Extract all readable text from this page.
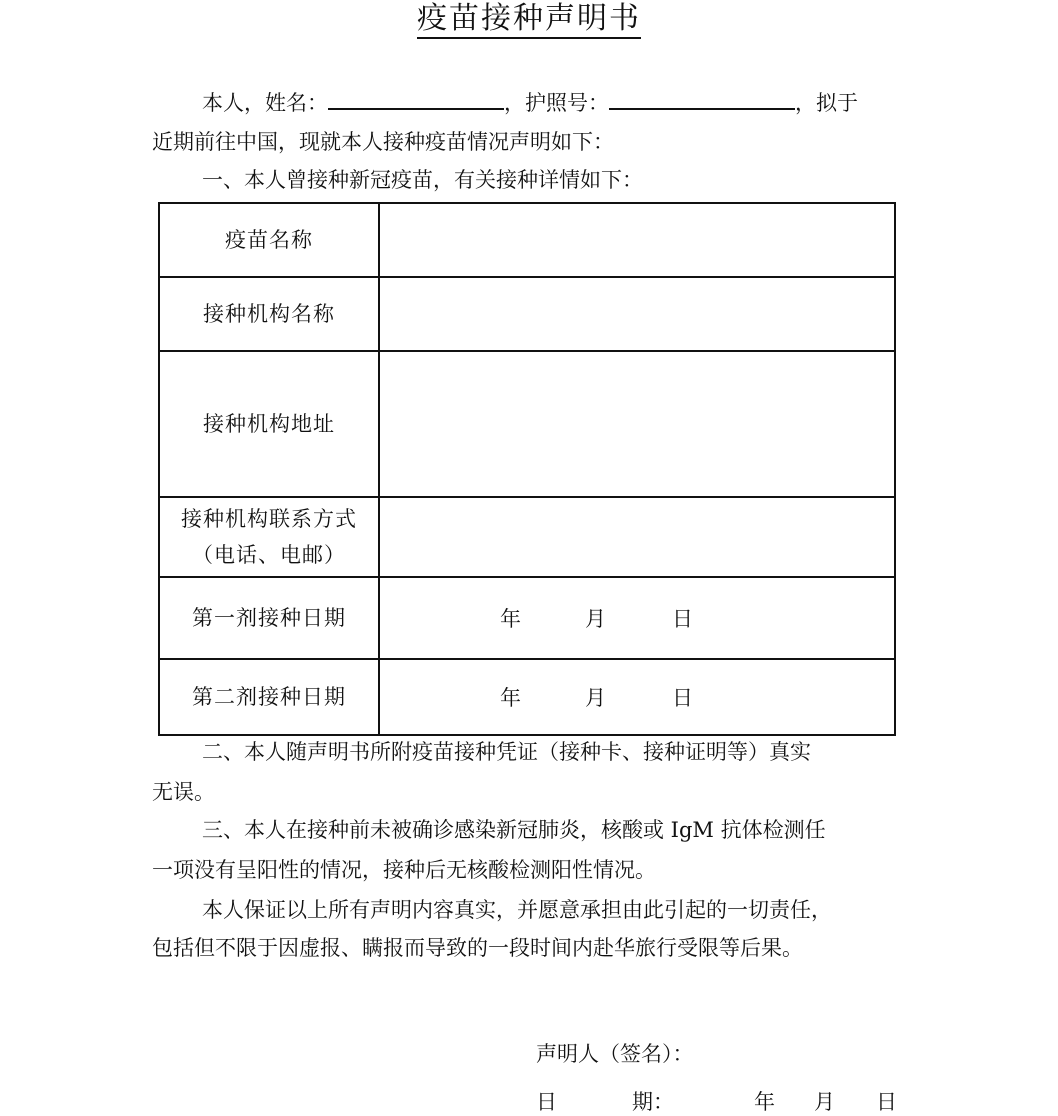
疫苗接种声明书
本人，姓名：	，护照号：	，拟于
近期前往中国，现就本人接种疫苗情况声明如下：
一、本人曾接种新冠疫苗，有关接种详情如下：
疫苗名称	
接种机构名称	
接种机构地址	

接种机构联系方式
（电话、电邮）	

第一剂接种日期	年 月 日

第二剂接种日期	年 月 日
二、本人随声明书所附疫苗接种凭证（接种卡、接种证明等）真实
无误。
三、本人在接种前未被确诊感染新冠肺炎，核酸或 IgM 抗体检测任
一项没有呈阳性的情况，接种后无核酸检测阳性情况。
本人保证以上所有声明内容真实，并愿意承担由此引起的一切责任，
包括但不限于因虚报、瞒报而导致的一段时间内赴华旅行受限等后果。
声明人（签名）：
日	期：	年 月 日
